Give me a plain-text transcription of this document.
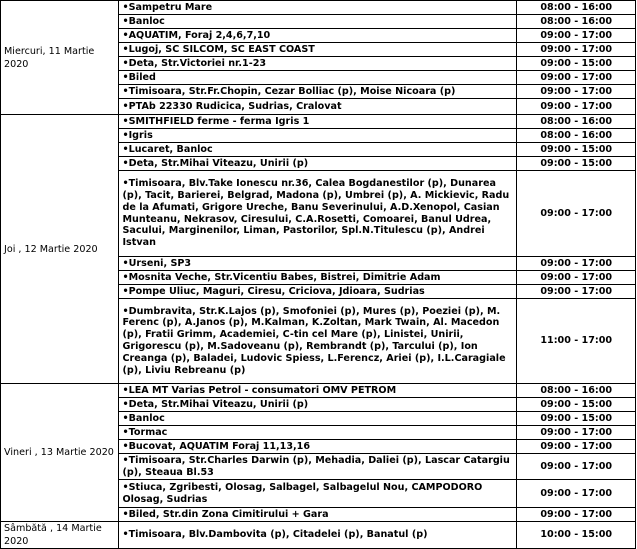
Miercuri, 11 Martie 2020	•Sampetru Mare	08:00 - 16:00
	•Banloc	08:00 - 16:00
	•AQUATIM, Foraj 2,4,6,7,10	09:00 - 17:00
	•Lugoj, SC SILCOM, SC EAST COAST	09:00 - 17:00
	•Deta, Str.Victoriei nr.1-23	09:00 - 15:00
	•Biled	09:00 - 17:00
	•Timisoara, Str.Fr.Chopin, Cezar Bolliac (p), Moise Nicoara (p)	09:00 - 17:00
	•PTAb 22330 Rudicica, Sudrias, Cralovat	09:00 - 17:00
Joi , 12 Martie 2020	•SMITHFIELD ferme - ferma Igris 1	08:00 - 16:00
	•Igris	08:00 - 16:00
	•Lucaret, Banloc	09:00 - 15:00
	•Deta, Str.Mihai Viteazu, Unirii (p)	09:00 - 15:00
	•Timisoara, Blv.Take Ionescu nr.36, Calea Bogdanestilor (p), Dunarea (p), Tacit, Barierei, Belgrad, Madona (p), Umbrei (p), A. Mickievic, Radu de la Afumati, Grigore Ureche, Banu Severinului, A.D.Xenopol, Casian Munteanu, Nekrasov, Ciresului, C.A.Rosetti, Comoarei, Banul Udrea, Sacului, Marginenilor, Liman, Pastorilor, Spl.N.Titulescu (p), Andrei Istvan	09:00 - 17:00
	•Urseni, SP3	09:00 - 17:00
	•Mosnita Veche, Str.Vicentiu Babes, Bistrei, Dimitrie Adam	09:00 - 17:00
	•Pompe Uliuc, Maguri, Ciresu, Criciova, Jdioara, Sudrias	09:00 - 17:00
	•Dumbravita, Str.K.Lajos (p), Smofoniei (p), Mures (p), Poeziei (p), M. Ferenc (p), A.Janos (p), M.Kalman, K.Zoltan, Mark Twain, Al. Macedon (p), Fratii Grimm, Academiei, C-tin cel Mare (p), Linistei, Unirii, Grigorescu (p), M.Sadoveanu (p), Rembrandt (p), Tarcului (p), Ion Creanga (p), Baladei, Ludovic Spiess, L.Ferencz, Ariei (p), I.L.Caragiale (p), Liviu Rebreanu (p)	11:00 - 17:00
Vineri , 13 Martie 2020	•LEA MT Varias Petrol - consumatori OMV PETROM	08:00 - 16:00
	•Deta, Str.Mihai Viteazu, Unirii (p)	09:00 - 15:00
	•Banloc	09:00 - 15:00
	•Tormac	09:00 - 17:00
	•Bucovat, AQUATIM Foraj 11,13,16	09:00 - 17:00
	•Timisoara, Str.Charles Darwin (p), Mehadia, Daliei (p), Lascar Catargiu (p), Steaua Bl.53	09:00 - 17:00
	•Stiuca, Zgribesti, Olosag, Salbagel, Salbagelul Nou, CAMPODORO Olosag, Sudrias	09:00 - 17:00
	•Biled, Str.din Zona Cimitirului + Gara	09:00 - 17:00
Sâmbătă , 14 Martie 2020	•Timisoara, Blv.Dambovita (p), Citadelei (p), Banatul (p)	10:00 - 15:00
